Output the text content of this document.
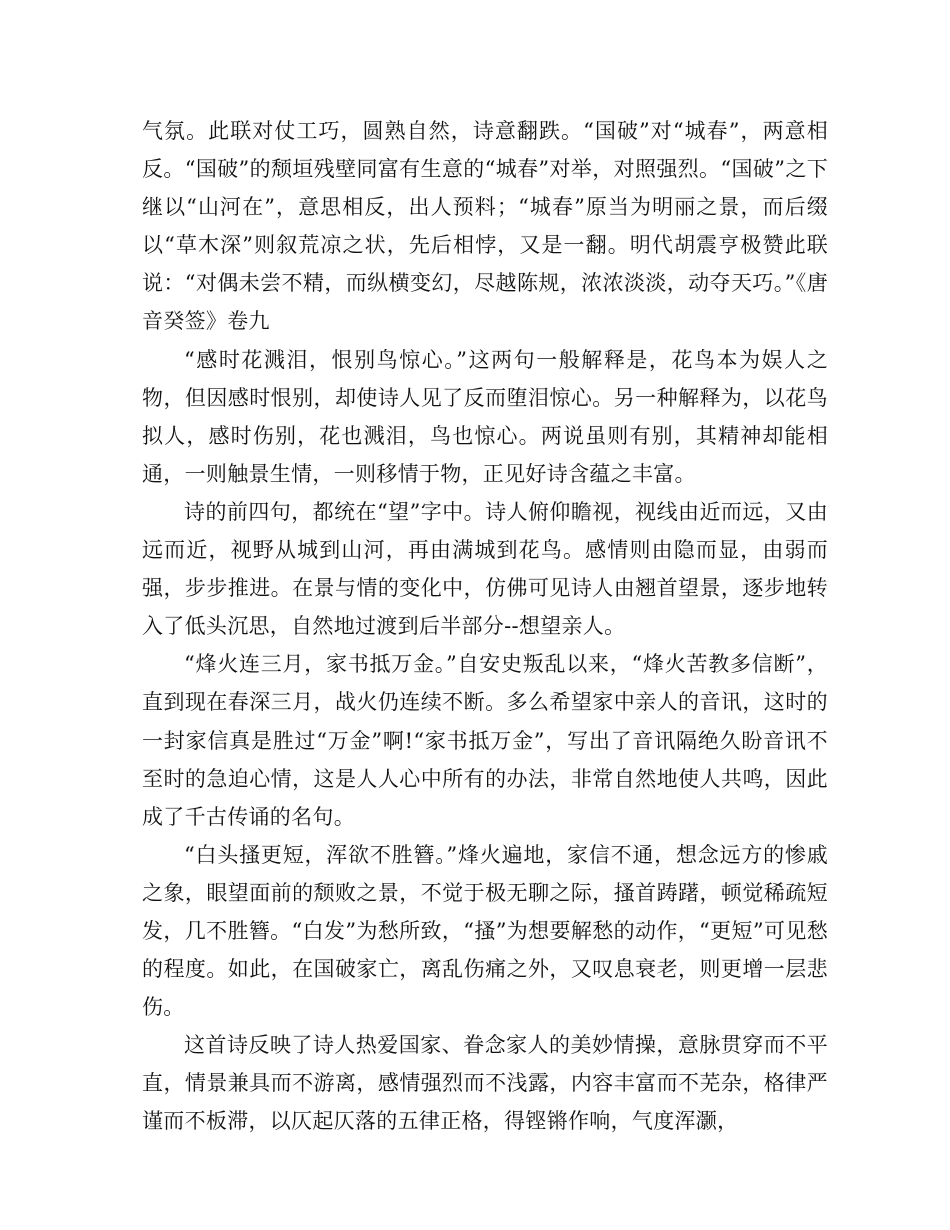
气氛。此联对仗工巧，圆熟自然，诗意翻跌。“国破”对“城春”，两意相反。“国破”的颓垣残壁同富有生意的“城春”对举，对照强烈。“国破”之下继以“山河在”，意思相反，出人预料；“城春”原当为明丽之景，而后缀以“草木深”则叙荒凉之状，先后相悖，又是一翻。明代胡震亨极赞此联说：“对偶未尝不精，而纵横变幻，尽越陈规，浓浓淡淡，动夺天巧。”《唐音癸签》卷九

“感时花溅泪，恨别鸟惊心。”这两句一般解释是，花鸟本为娱人之物，但因感时恨别，却使诗人见了反而堕泪惊心。另一种解释为，以花鸟拟人，感时伤别，花也溅泪，鸟也惊心。两说虽则有别，其精神却能相通，一则触景生情，一则移情于物，正见好诗含蕴之丰富。

诗的前四句，都统在“望”字中。诗人俯仰瞻视，视线由近而远，又由远而近，视野从城到山河，再由满城到花鸟。感情则由隐而显，由弱而强，步步推进。在景与情的变化中，仿佛可见诗人由翘首望景，逐步地转入了低头沉思，自然地过渡到后半部分--想望亲人。

“烽火连三月，家书抵万金。”自安史叛乱以来，“烽火苦教多信断”，直到现在春深三月，战火仍连续不断。多么希望家中亲人的音讯，这时的一封家信真是胜过“万金”啊!“家书抵万金”，写出了音讯隔绝久盼音讯不至时的急迫心情，这是人人心中所有的办法，非常自然地使人共鸣，因此成了千古传诵的名句。

“白头搔更短，浑欲不胜簪。”烽火遍地，家信不通，想念远方的惨戚之象，眼望面前的颓败之景，不觉于极无聊之际，搔首踌躇，顿觉稀疏短发，几不胜簪。“白发”为愁所致，“搔”为想要解愁的动作，“更短”可见愁的程度。如此，在国破家亡，离乱伤痛之外，又叹息衰老，则更增一层悲伤。

这首诗反映了诗人热爱国家、眷念家人的美妙情操，意脉贯穿而不平直，情景兼具而不游离，感情强烈而不浅露，内容丰富而不芜杂，格律严谨而不板滞，以仄起仄落的五律正格，得铿锵作响，气度浑灏，
